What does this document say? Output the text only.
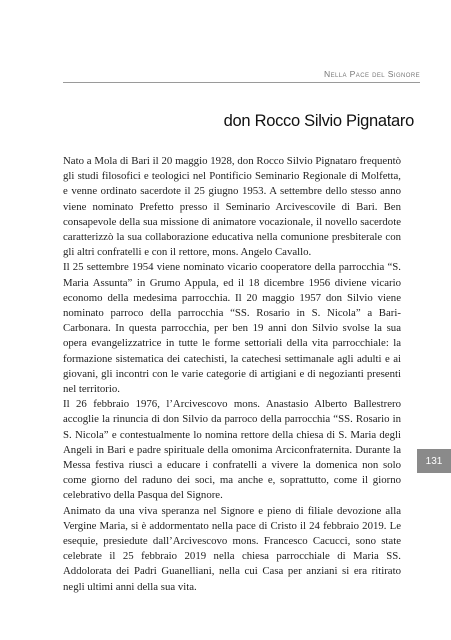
Nella Pace del Signore
don Rocco Silvio Pignataro

Nato a Mola di Bari il 20 maggio 1928, don Rocco Silvio Pignataro frequentò gli studi filosofici e teologici nel Pontificio Seminario Regionale di Molfetta, e venne ordinato sacerdote il 25 giugno 1953. A settembre dello stesso anno viene nominato Prefetto presso il Seminario Arcivescovile di Bari. Ben consapevole della sua missione di animatore vocazionale, il novello sacerdote caratterizzò la sua collaborazione educativa nella comunione presbiterale con gli altri confratelli e con il rettore, mons. Angelo Cavallo.

Il 25 settembre 1954 viene nominato vicario cooperatore della parrocchia “S. Maria Assunta” in Grumo Appula, ed il 18 dicembre 1956 diviene vicario economo della medesima parrocchia. Il 20 maggio 1957 don Silvio viene nominato parroco della parrocchia “SS. Rosario in S. Nicola” a Bari-Carbonara. In questa parrocchia, per ben 19 anni don Silvio svolse la sua opera evangelizzatrice in tutte le forme settoriali della vita parrocchiale: la formazione sistematica dei catechisti, la catechesi settimanale agli adulti e ai giovani, gli incontri con le varie categorie di artigiani e di negozianti presenti nel territorio.

Il 26 febbraio 1976, l’Arcivescovo mons. Anastasio Alberto Ballestrero accoglie la rinuncia di don Silvio da parroco della parrocchia “SS. Rosario in S. Nicola” e contestualmente lo nomina rettore della chiesa di S. Maria degli Angeli in Bari e padre spirituale della omonima Arciconfraternita. Durante la Messa festiva riuscì a educare i confratelli a vivere la domenica non solo come giorno del raduno dei soci, ma anche e, soprattutto, come il giorno celebrativo della Pasqua del Signore.

Animato da una viva speranza nel Signore e pieno di filiale devozione alla Vergine Maria, si è addormentato nella pace di Cristo il 24 febbraio 2019. Le esequie, presiedute dall’Arcivescovo mons. Francesco Cacucci, sono state celebrate il 25 febbraio 2019 nella chiesa parrocchiale di Maria SS. Addolorata dei Padri Guanelliani, nella cui Casa per anziani si era ritirato negli ultimi anni della sua vita.

131
